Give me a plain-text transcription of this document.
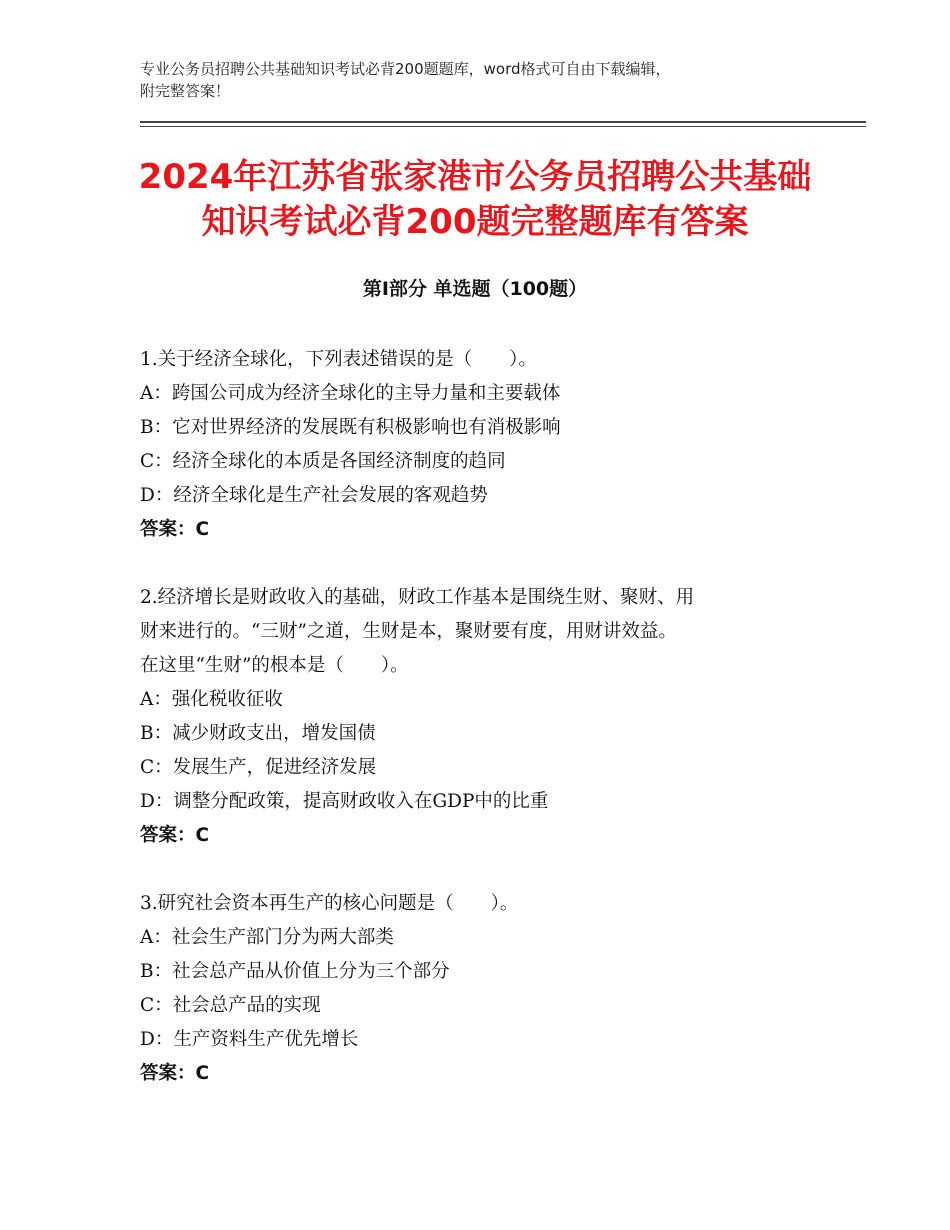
专业公务员招聘公共基础知识考试必背200题题库，word格式可自由下载编辑，
附完整答案！
2024年江苏省张家港市公务员招聘公共基础
知识考试必背200题完整题库有答案
第Ⅰ部分 单选题（100题）
1.关于经济全球化，下列表述错误的是（　　）。
A：跨国公司成为经济全球化的主导力量和主要载体
B：它对世界经济的发展既有积极影响也有消极影响
C：经济全球化的本质是各国经济制度的趋同
D：经济全球化是生产社会发展的客观趋势
答案：C
2.经济增长是财政收入的基础，财政工作基本是围绕生财、聚财、用
财来进行的。“三财”之道，生财是本，聚财要有度，用财讲效益。
在这里“生财”的根本是（　　）。
A：强化税收征收
B：减少财政支出，增发国债
C：发展生产，促进经济发展
D：调整分配政策，提高财政收入在GDP中的比重
答案：C
3.研究社会资本再生产的核心问题是（　　）。
A：社会生产部门分为两大部类
B：社会总产品从价值上分为三个部分
C：社会总产品的实现
D：生产资料生产优先增长
答案：C
